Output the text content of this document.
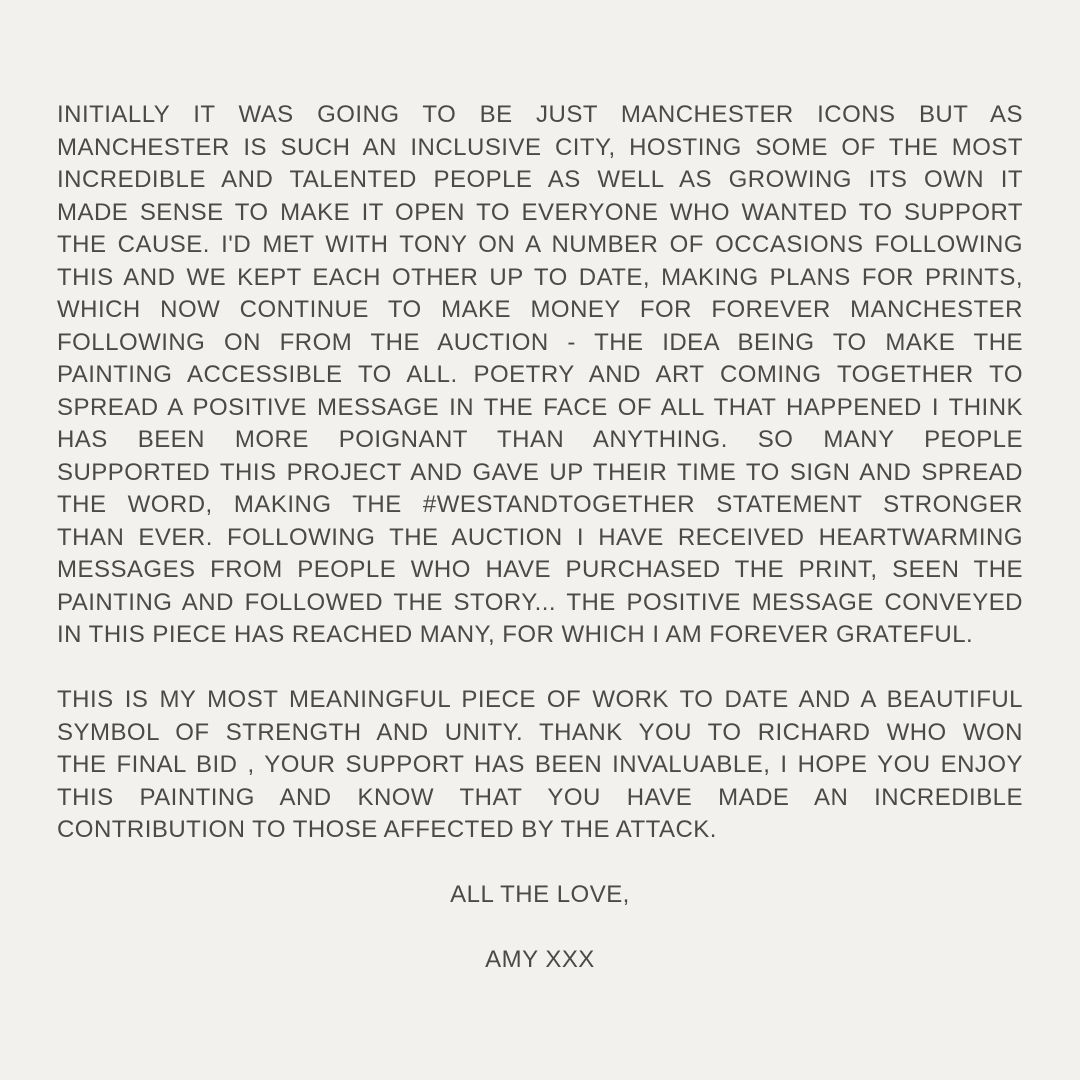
INITIALLY IT WAS GOING TO BE JUST MANCHESTER ICONS BUT AS
MANCHESTER IS SUCH AN INCLUSIVE CITY, HOSTING SOME OF THE MOST
INCREDIBLE AND TALENTED PEOPLE AS WELL AS GROWING ITS OWN IT
MADE SENSE TO MAKE IT OPEN TO EVERYONE WHO WANTED TO SUPPORT
THE CAUSE. I'D MET WITH TONY ON A NUMBER OF OCCASIONS FOLLOWING
THIS AND WE KEPT EACH OTHER UP TO DATE, MAKING PLANS FOR PRINTS,
WHICH NOW CONTINUE TO MAKE MONEY FOR FOREVER MANCHESTER
FOLLOWING ON FROM THE AUCTION - THE IDEA BEING TO MAKE THE
PAINTING ACCESSIBLE TO ALL. POETRY AND ART COMING TOGETHER TO
SPREAD A POSITIVE MESSAGE IN THE FACE OF ALL THAT HAPPENED I THINK
HAS BEEN MORE POIGNANT THAN ANYTHING. SO MANY PEOPLE
SUPPORTED THIS PROJECT AND GAVE UP THEIR TIME TO SIGN AND SPREAD
THE WORD, MAKING THE #WESTANDTOGETHER STATEMENT STRONGER
THAN EVER. FOLLOWING THE AUCTION I HAVE RECEIVED HEARTWARMING
MESSAGES FROM PEOPLE WHO HAVE PURCHASED THE PRINT, SEEN THE
PAINTING AND FOLLOWED THE STORY... THE POSITIVE MESSAGE CONVEYED
IN THIS PIECE HAS REACHED MANY, FOR WHICH I AM FOREVER GRATEFUL.
THIS IS MY MOST MEANINGFUL PIECE OF WORK TO DATE AND A BEAUTIFUL
SYMBOL OF STRENGTH AND UNITY. THANK YOU TO RICHARD WHO WON
THE FINAL BID , YOUR SUPPORT HAS BEEN INVALUABLE, I HOPE YOU ENJOY
THIS PAINTING AND KNOW THAT YOU HAVE MADE AN INCREDIBLE
CONTRIBUTION TO THOSE AFFECTED BY THE ATTACK.
ALL THE LOVE,
AMY XXX
